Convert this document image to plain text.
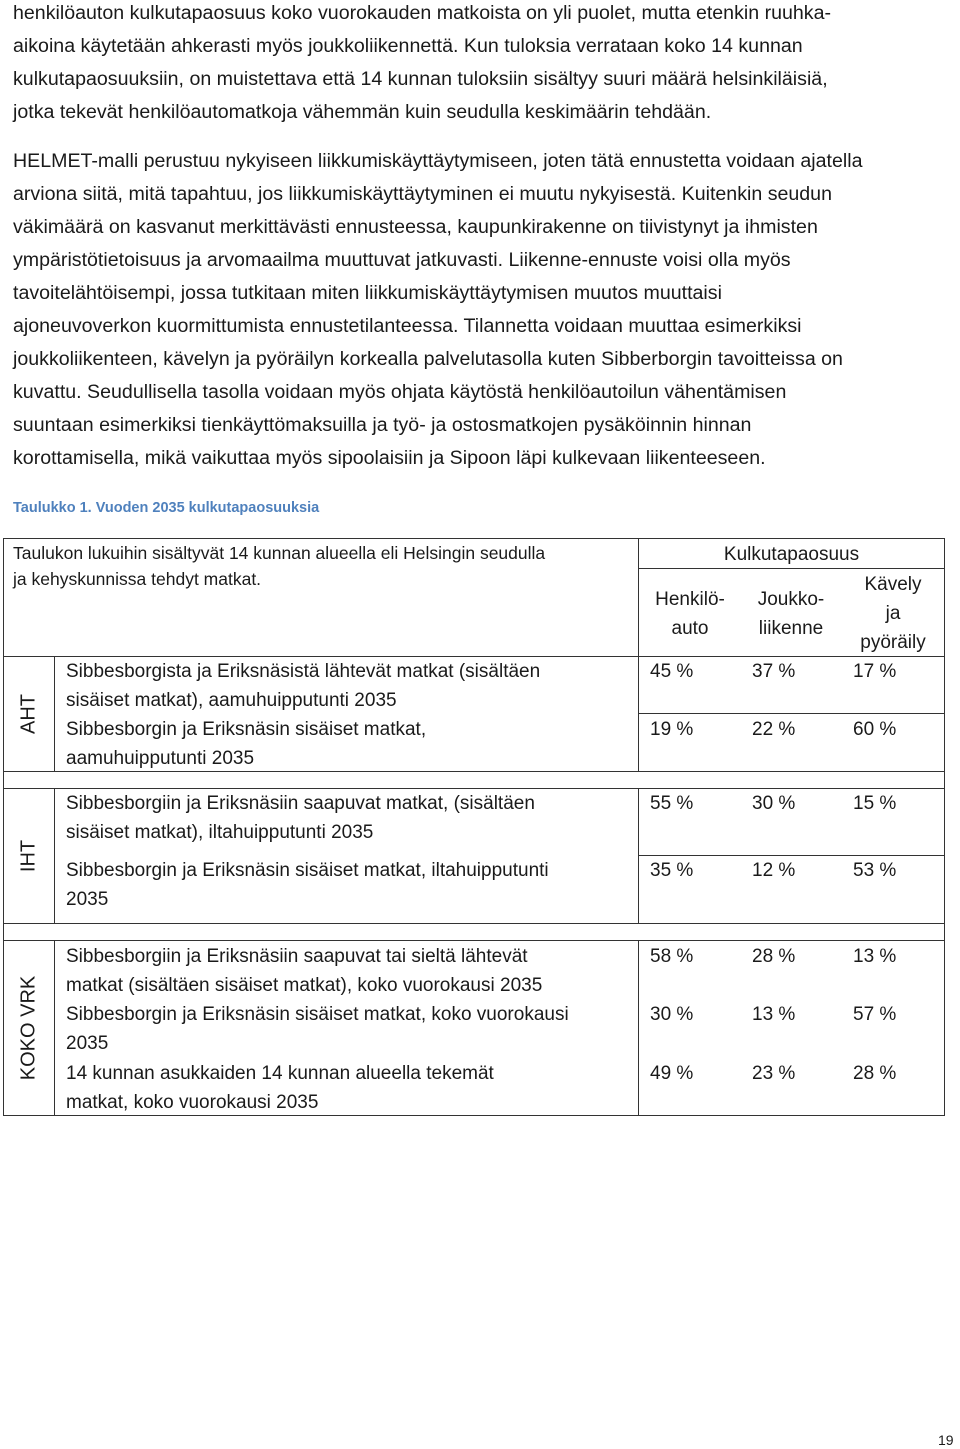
henkilöauton kulkutapaosuus koko vuorokauden matkoista on yli puolet, mutta etenkin ruuhka-
aikoina käytetään ahkerasti myös joukkoliikennettä. Kun tuloksia verrataan koko 14 kunnan
kulkutapaosuuksiin, on muistettava että 14 kunnan tuloksiin sisältyy suuri määrä helsinkiläisiä,
jotka tekevät henkilöautomatkoja vähemmän kuin seudulla keskimäärin tehdään.
HELMET-malli perustuu nykyiseen liikkumiskäyttäytymiseen, joten tätä ennustetta voidaan ajatella
arviona siitä, mitä tapahtuu, jos liikkumiskäyttäytyminen ei muutu nykyisestä. Kuitenkin seudun
väkimäärä on kasvanut merkittävästi ennusteessa, kaupunkirakenne on tiivistynyt ja ihmisten
ympäristötietoisuus ja arvomaailma muuttuvat jatkuvasti. Liikenne-ennuste voisi olla myös
tavoitelähtöisempi, jossa tutkitaan miten liikkumiskäyttäytymisen muutos muuttaisi
ajoneuvoverkon kuormittumista ennustetilanteessa. Tilannetta voidaan muuttaa esimerkiksi
joukkoliikenteen, kävelyn ja pyöräilyn korkealla palvelutasolla kuten Sibberborgin tavoitteissa on
kuvattu. Seudullisella tasolla voidaan myös ohjata käytöstä henkilöautoilun vähentämisen
suuntaan esimerkiksi tienkäyttömaksuilla ja työ- ja ostosmatkojen pysäköinnin hinnan
korottamisella, mikä vaikuttaa myös sipoolaisiin ja Sipoon läpi kulkevaan liikenteeseen.
Taulukko 1. Vuoden 2035 kulkutapaosuuksia
Taulukon lukuihin sisältyvät 14 kunnan alueella eli Helsingin seudulla
ja kehyskunnissa tehdyt matkat.
Kulkutapaosuus
Henkilö-
auto
Joukko-
liikenne
Kävely
ja
pyöräily
AHT
Sibbesborgista ja Eriksnäsistä lähtevät matkat (sisältäen
sisäiset matkat), aamuhuipputunti 2035
45 %	37 %	17 %
Sibbesborgin ja Eriksnäsin sisäiset matkat,
aamuhuipputunti 2035
19 %	22 %	60 %
IHT
Sibbesborgiin ja Eriksnäsiin saapuvat matkat, (sisältäen
sisäiset matkat), iltahuipputunti 2035
55 %	30 %	15 %
Sibbesborgin ja Eriksnäsin sisäiset matkat, iltahuipputunti
2035
35 %	12 %	53 %
KOKO VRK
Sibbesborgiin ja Eriksnäsiin saapuvat tai sieltä lähtevät
matkat (sisältäen sisäiset matkat), koko vuorokausi 2035
58 %	28 %	13 %
Sibbesborgin ja Eriksnäsin sisäiset matkat, koko vuorokausi
2035
30 %	13 %	57 %
14 kunnan asukkaiden 14 kunnan alueella tekemät
matkat, koko vuorokausi 2035
49 %	23 %	28 %
19
